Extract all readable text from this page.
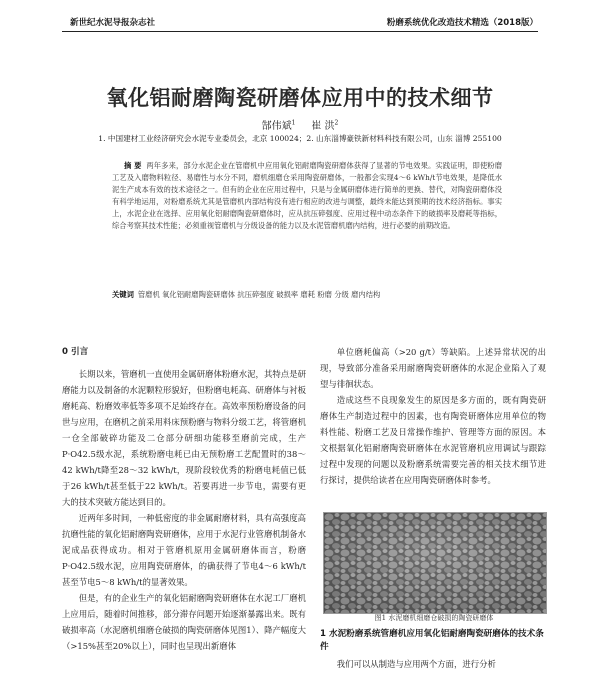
新世纪水泥导报杂志社	粉磨系统优化改造技术精选（2018版）
氧化铝耐磨陶瓷研磨体应用中的技术细节
郜伟斌$^1$ 崔 洪$^2$
1. 中国建材工业经济研究会水泥专业委员会，北京 100024；2. 山东淄博豪铁新材料科技有限公司，山东 淄博 255100
摘 要 两年多来，部分水泥企业在管磨机中应用氧化铝耐磨陶瓷研磨体获得了显著的节电效果。实践证明，即使粉磨工艺及入磨物料粒径、易磨性与水分不同，磨机细磨仓采用陶瓷研磨体，一般都会实现4～6 kWh/t节电效果，是降低水泥生产成本有效的技术途径之一。但有的企业在应用过程中，只是与金属研磨体进行简单的更换、替代，对陶瓷研磨体没有科学地运用，对粉磨系统尤其是管磨机内部结构没有进行相应的改进与调整，最终未能达到预期的技术经济指标。事实上，水泥企业在选择、应用氧化铝耐磨陶瓷研磨体时，应从抗压碎强度、应用过程中动态条件下的破损率及磨耗等指标，综合考察其技术性能；必须重视管磨机与分级设备的能力以及水泥管磨机磨内结构，进行必要的前期改造。
关键词 管磨机 氧化铝耐磨陶瓷研磨体 抗压碎强度 破损率 磨耗 粉磨 分级 磨内结构
0 引言

长期以来，管磨机一直使用金属研磨体粉磨水泥，其特点是研磨能力以及制备的水泥颗粒形貌好，但粉磨电耗高、研磨体与衬板磨耗高、粉磨效率低等多项不足始终存在。高效率预粉磨设备的问世与应用，在磨机之前采用料床预粉磨与物料分级工艺，将管磨机一仓全部破碎功能及二仓部分研细功能移至磨前完成，生产P·O42.5级水泥，系统粉磨电耗已由无预粉磨工艺配置时的38～42 kWh/t降至28～32 kWh/t，现阶段较优秀的粉磨电耗值已低于26 kWh/t甚至低于22 kWh/t。若要再进一步节电，需要有更大的技术突破方能达到目的。

近两年多时间，一种低密度的非金属耐磨材料，具有高强度高抗磨性能的氧化铝耐磨陶瓷研磨体，应用于水泥行业管磨机制备水泥成品获得成功。相对于管磨机原用金属研磨体而言，粉磨P·O42.5级水泥，应用陶瓷研磨体，的确获得了节电4～6 kWh/t甚至节电5～8 kWh/t的显著效果。

但是，有的企业生产的氧化铝耐磨陶瓷研磨体在水泥工厂磨机上应用后，随着时间推移，部分滞存问题开始逐渐暴露出来。既有破损率高（水泥磨机细磨仓破损的陶瓷研磨体见图1）、降产幅度大（>15%甚至20%以上），同时也呈现出新磨体

单位磨耗偏高（>20 g/t）等缺陷。上述异常状况的出现，导致部分准备采用耐磨陶瓷研磨体的水泥企业陷入了观望与徘徊状态。

造成这些不良现象发生的原因是多方面的，既有陶瓷研磨体生产制造过程中的因素，也有陶瓷研磨体应用单位的物料性能、粉磨工艺及日常操作维护、管理等方面的原因。本文根据氧化铝耐磨陶瓷研磨体在水泥管磨机应用调试与跟踪过程中发现的问题以及粉磨系统需要完善的相关技术细节进行探讨，提供给读者在应用陶瓷研磨体时参考。

图1 水泥磨机细磨仓破损的陶瓷研磨体
1 水泥粉磨系统管磨机应用氧化铝耐磨陶瓷研磨体的技术条件
我们可以从制造与应用两个方面，进行分析
